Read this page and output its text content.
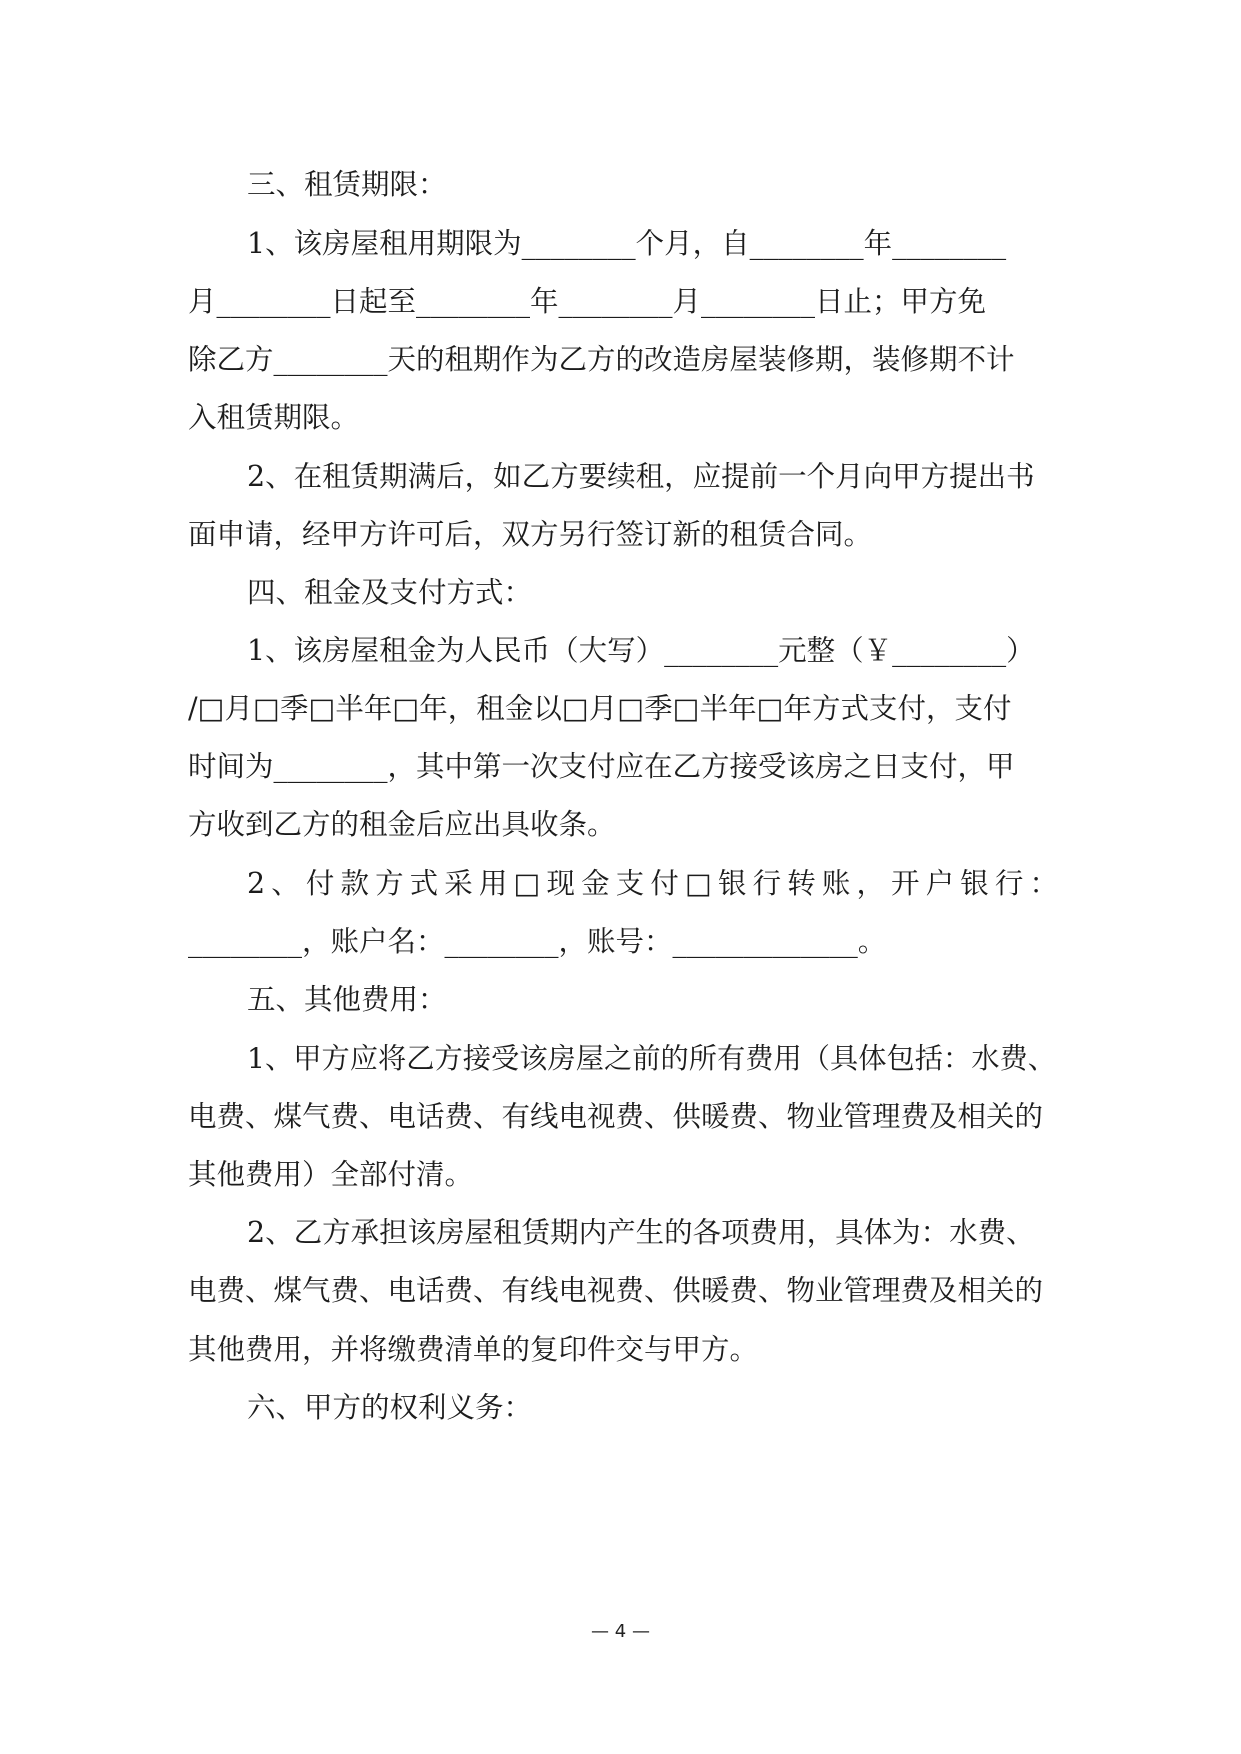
三、租赁期限：
1、该房屋租用期限为________个月，自________年________
月________日起至________年________月________日止；甲方免
除乙方________天的租期作为乙方的改造房屋装修期，装修期不计
入租赁期限。
2、在租赁期满后，如乙方要续租，应提前一个月向甲方提出书
面申请，经甲方许可后，双方另行签订新的租赁合同。
四、租金及支付方式：
1、该房屋租金为人民币（大写）________元整（￥________）
/□月□季□半年□年，租金以□月□季□半年□年方式支付，支付
时间为________，其中第一次支付应在乙方接受该房之日支付，甲
方收到乙方的租金后应出具收条。
2 、 付 款 方 式 采 用 □ 现 金 支 付 □ 银 行 转 账 ， 开 户 银 行 ：
________，账户名：________，账号：_____________。
五、其他费用：
1、甲方应将乙方接受该房屋之前的所有费用（具体包括：水费、
电费、煤气费、电话费、有线电视费、供暖费、物业管理费及相关的
其他费用）全部付清。
2、乙方承担该房屋租赁期内产生的各项费用，具体为：水费、
电费、煤气费、电话费、有线电视费、供暖费、物业管理费及相关的
其他费用，并将缴费清单的复印件交与甲方。
六、甲方的权利义务：
— 4 —
